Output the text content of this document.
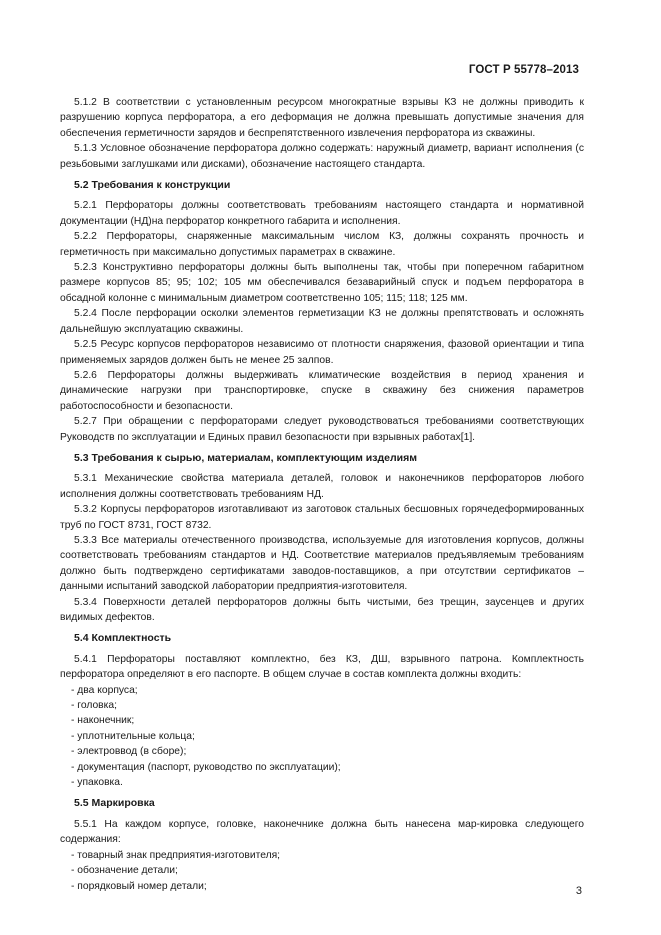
ГОСТ Р 55778–2013
5.1.2 В соответствии с установленным ресурсом многократные взрывы КЗ не должны приводить к разрушению корпуса перфоратора, а его деформация не должна превышать допустимые значения для обеспечения герметичности зарядов и беспрепятственного извлечения перфоратора из скважины.
5.1.3 Условное обозначение перфоратора должно содержать: наружный диаметр, вариант исполнения (с резьбовыми заглушками или дисками), обозначение настоящего стандарта.
5.2 Требования к конструкции
5.2.1 Перфораторы должны соответствовать требованиям настоящего стандарта и нормативной документации (НД)на перфоратор конкретного габарита и исполнения.
5.2.2 Перфораторы, снаряженные максимальным числом КЗ, должны сохранять прочность и герметичность при максимально допустимых параметрах в скважине.
5.2.3 Конструктивно перфораторы должны быть выполнены так, чтобы при поперечном габаритном размере корпусов 85; 95; 102; 105 мм обеспечивался безаварийный спуск и подъем перфоратора в обсадной колонне с минимальным диаметром соответственно 105; 115; 118; 125 мм.
5.2.4 После перфорации осколки элементов герметизации КЗ не должны препятствовать и осложнять дальнейшую эксплуатацию скважины.
5.2.5 Ресурс корпусов перфораторов независимо от плотности снаряжения, фазовой ориентации и типа применяемых зарядов должен быть не менее 25 залпов.
5.2.6 Перфораторы должны выдерживать климатические воздействия в период хранения и динамические нагрузки при транспортировке, спуске в скважину без снижения параметров работоспособности и безопасности.
5.2.7 При обращении с перфораторами следует руководствоваться требованиями соответствующих Руководств по эксплуатации и Единых правил безопасности при взрывных работах[1].
5.3 Требования к сырью, материалам, комплектующим изделиям
5.3.1 Механические свойства материала деталей, головок и наконечников перфораторов любого исполнения должны соответствовать требованиям НД.
5.3.2 Корпусы перфораторов изготавливают из заготовок стальных бесшовных горячедеформированных труб по ГОСТ 8731, ГОСТ 8732.
5.3.3 Все материалы отечественного производства, используемые для изготовления корпусов, должны соответствовать требованиям стандартов и НД. Соответствие материалов предъявляемым требованиям должно быть подтверждено сертификатами заводов-поставщиков, а при отсутствии сертификатов – данными испытаний заводской лаборатории предприятия-изготовителя.
5.3.4 Поверхности деталей перфораторов должны быть чистыми, без трещин, заусенцев и других видимых дефектов.
5.4 Комплектность
5.4.1 Перфораторы поставляют комплектно, без КЗ, ДШ, взрывного патрона. Комплектность перфоратора определяют в его паспорте. В общем случае в состав комплекта должны входить:
- два корпуса;
- головка;
- наконечник;
- уплотнительные кольца;
- электроввод (в сборе);
- документация (паспорт, руководство по эксплуатации);
- упаковка.
5.5 Маркировка
5.5.1 На каждом корпусе, головке, наконечнике должна быть нанесена мар-кировка следующего содержания:
- товарный знак предприятия-изготовителя;
- обозначение детали;
- порядковый номер детали;	3
